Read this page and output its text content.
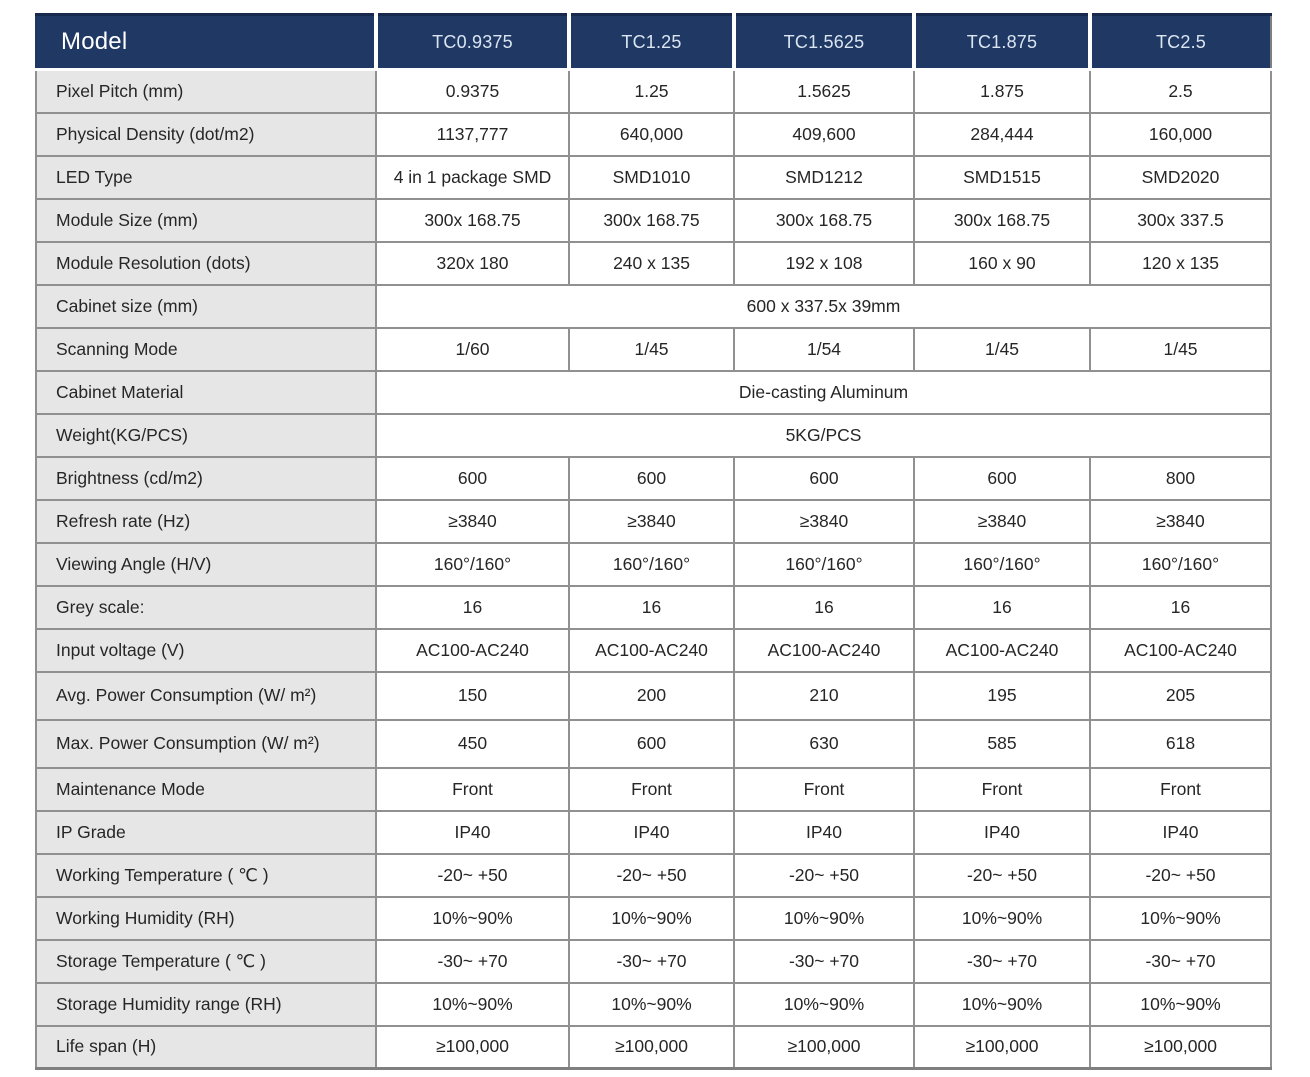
Model	TC0.9375	TC1.25	TC1.5625	TC1.875	TC2.5
Pixel Pitch (mm)	0.9375	1.25	1.5625	1.875	2.5
Physical Density (dot/m2)	1137,777	640,000	409,600	284,444	160,000
LED Type	4 in 1 package SMD	SMD1010	SMD1212	SMD1515	SMD2020
Module Size (mm)	300x 168.75	300x 168.75	300x 168.75	300x 168.75	300x 337.5
Module Resolution (dots)	320x 180	240 x 135	192 x 108	160 x 90	120 x 135
Cabinet size (mm)	600 x 337.5x 39mm				
Scanning Mode	1/60	1/45	1/54	1/45	1/45
Cabinet Material	Die-casting Aluminum				
Weight(KG/PCS)	5KG/PCS				
Brightness (cd/m2)	600	600	600	600	800
Refresh rate (Hz)	≥3840	≥3840	≥3840	≥3840	≥3840
Viewing Angle (H/V)	160°/160°	160°/160°	160°/160°	160°/160°	160°/160°
Grey scale:	16	16	16	16	16
Input voltage (V)	AC100-AC240	AC100-AC240	AC100-AC240	AC100-AC240	AC100-AC240
Avg. Power Consumption (W/ m²)	150	200	210	195	205
Max. Power Consumption (W/ m²)	450	600	630	585	618
Maintenance Mode	Front	Front	Front	Front	Front
IP Grade	IP40	IP40	IP40	IP40	IP40
Working Temperature ( ℃ )	-20~ +50	-20~ +50	-20~ +50	-20~ +50	-20~ +50
Working Humidity (RH)	10%~90%	10%~90%	10%~90%	10%~90%	10%~90%
Storage Temperature ( ℃ )	-30~ +70	-30~ +70	-30~ +70	-30~ +70	-30~ +70
Storage Humidity range (RH)	10%~90%	10%~90%	10%~90%	10%~90%	10%~90%
Life span (H)	≥100,000	≥100,000	≥100,000	≥100,000	≥100,000
